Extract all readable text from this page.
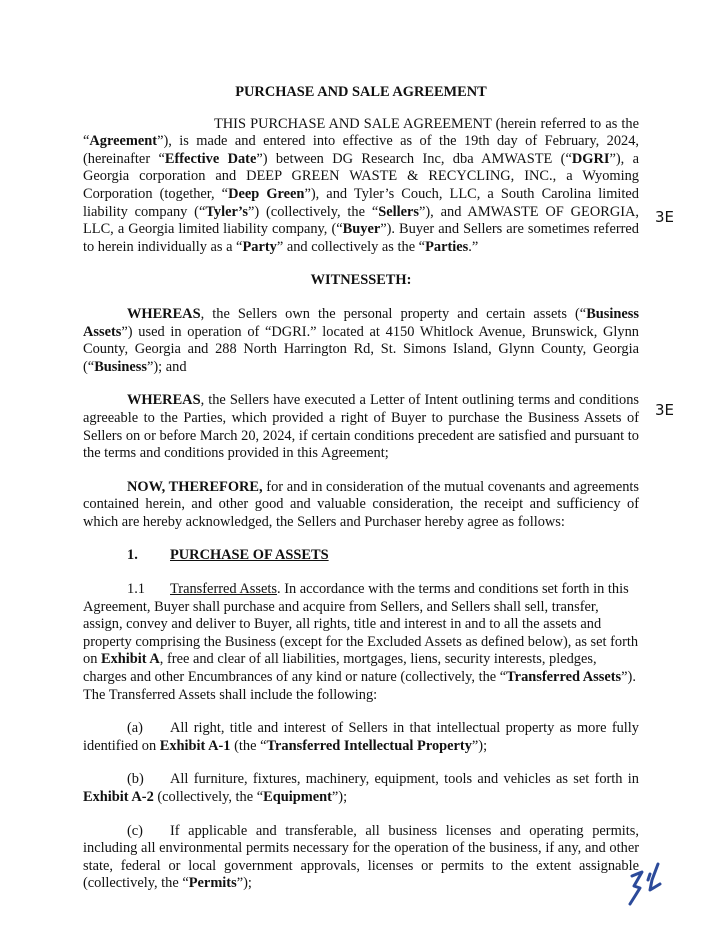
PURCHASE AND SALE AGREEMENT

THIS PURCHASE AND SALE AGREEMENT (herein referred to as the “Agreement”), is made and entered into effective as of the 19th day of February, 2024, (hereinafter “Effective Date”) between DG Research Inc, dba AMWASTE (“DGRI”), a Georgia corporation and DEEP GREEN WASTE & RECYCLING, INC., a Wyoming Corporation (together, “Deep Green”), and Tyler’s Couch, LLC, a South Carolina limited liability company (“Tyler’s”) (collectively, the “Sellers”), and AMWASTE OF GEORGIA, LLC, a Georgia limited liability company, (“Buyer”). Buyer and Sellers are sometimes referred to herein individually as a “Party” and collectively as the “Parties.”

WITNESSETH:

WHEREAS, the Sellers own the personal property and certain assets (“Business Assets”) used in operation of “DGRI.” located at 4150 Whitlock Avenue, Brunswick, Glynn County, Georgia and 288 North Harrington Rd, St. Simons Island, Glynn County, Georgia (“Business”); and

WHEREAS, the Sellers have executed a Letter of Intent outlining terms and conditions agreeable to the Parties, which provided a right of Buyer to purchase the Business Assets of Sellers on or before March 20, 2024, if certain conditions precedent are satisfied and pursuant to the terms and conditions provided in this Agreement;

NOW, THEREFORE, for and in consideration of the mutual covenants and agreements contained herein, and other good and valuable consideration, the receipt and sufficiency of which are hereby acknowledged, the Sellers and Purchaser hereby agree as follows:

1. PURCHASE OF ASSETS

1.1 Transferred Assets. In accordance with the terms and conditions set forth in this Agreement, Buyer shall purchase and acquire from Sellers, and Sellers shall sell, transfer, assign, convey and deliver to Buyer, all rights, title and interest in and to all the assets and property comprising the Business (except for the Excluded Assets as defined below), as set forth on Exhibit A, free and clear of all liabilities, mortgages, liens, security interests, pledges, charges and other Encumbrances of any kind or nature (collectively, the “Transferred Assets”). The Transferred Assets shall include the following:

(a) All right, title and interest of Sellers in that intellectual property as more fully identified on Exhibit A-1 (the “Transferred Intellectual Property”);

(b) All furniture, fixtures, machinery, equipment, tools and vehicles as set forth in Exhibit A-2 (collectively, the “Equipment”);

(c) If applicable and transferable, all business licenses and operating permits, including all environmental permits necessary for the operation of the business, if any, and other state, federal or local government approvals, licenses or permits to the extent assignable (collectively, the “Permits”);

3E
3E
